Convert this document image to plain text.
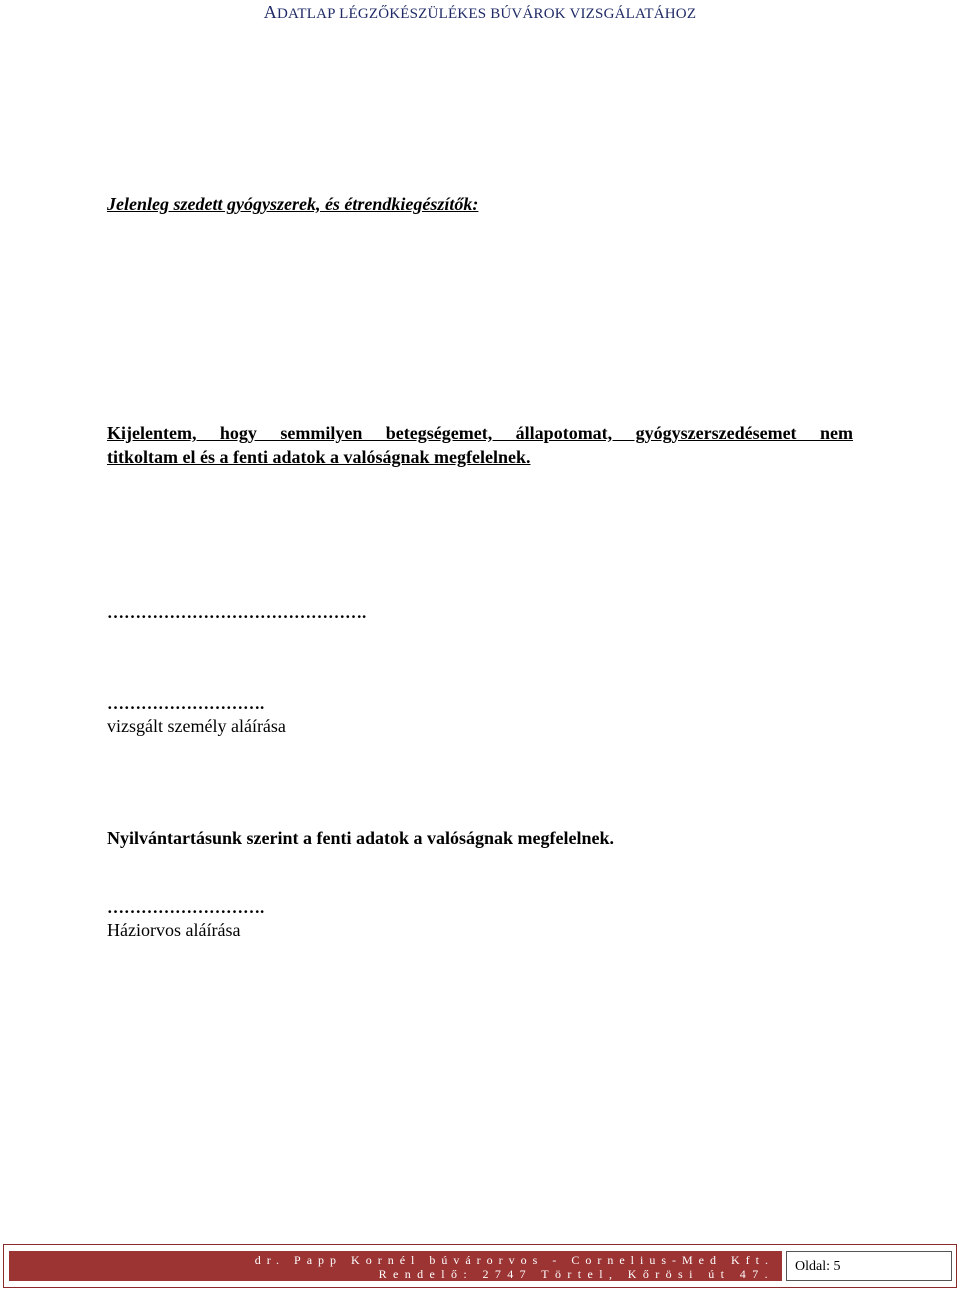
ADATLAP LÉGZŐKÉSZÜLÉKES BÚVÁROK VIZSGÁLATÁHOZ
Jelenleg szedett gyógyszerek, és étrendkiegészítők:
Kijelentem, hogy semmilyen betegségemet, állapotomat, gyógyszerszedésemet nem
titkoltam el és a fenti adatok a valóságnak megfelelnek.
……………………………………….
……………………….
vizsgált személy aláírása
Nyilvántartásunk szerint a fenti adatok a valóságnak megfelelnek.
……………………….
Háziorvos aláírása
dr. Papp Kornél búvárorvos - Cornelius-Med Kft.
Rendelő: 2747 Törtel, Kőrösi út 47. Oldal: 5
